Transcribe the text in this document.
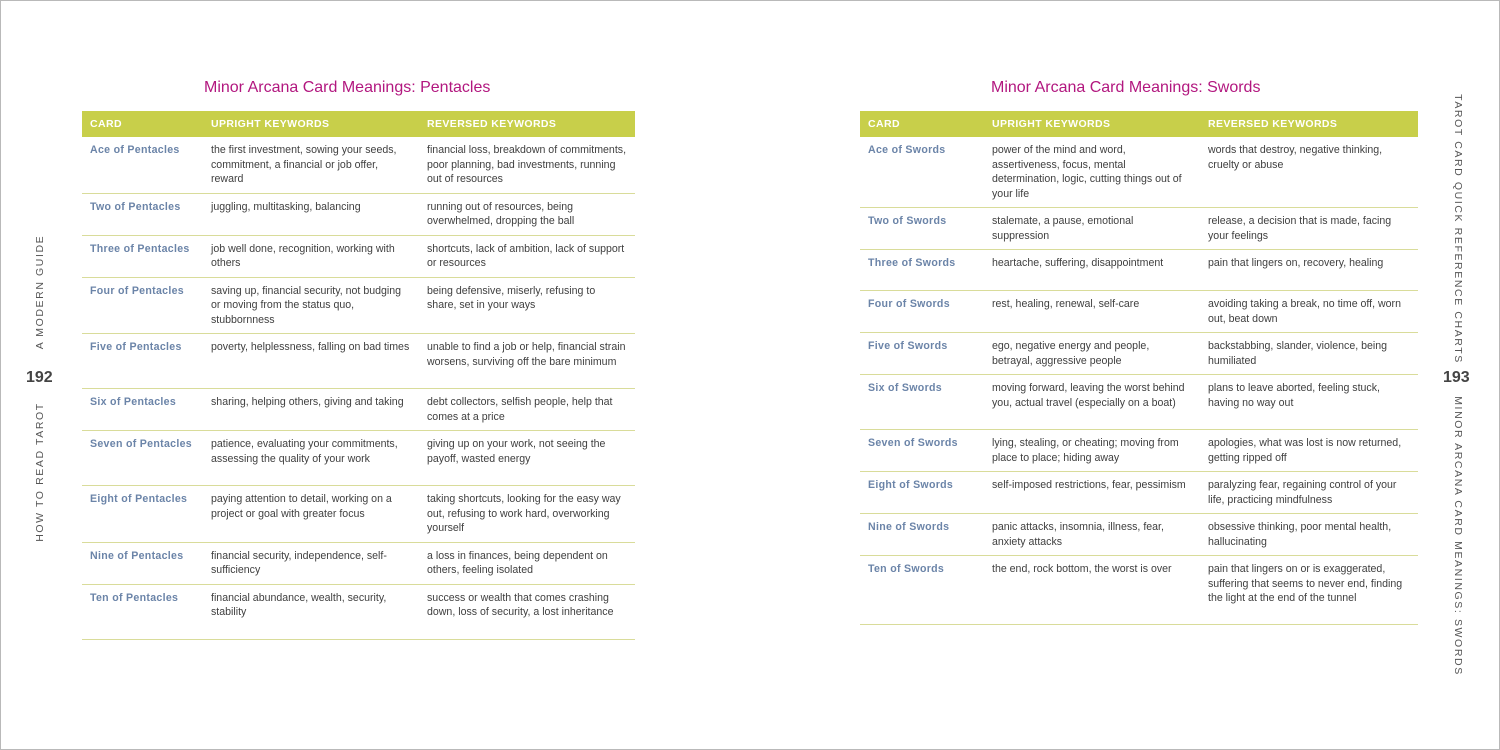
Minor Arcana Card Meanings: Pentacles
CARD	UPRIGHT KEYWORDS	REVERSED KEYWORDS
Ace of Pentacles	the first investment, sowing your seeds, commitment, a financial or job offer, reward	financial loss, breakdown of commitments, poor planning, bad investments, running out of resources
Two of Pentacles	juggling, multitasking, balancing	running out of resources, being overwhelmed, dropping the ball
Three of Pentacles	job well done, recognition, working with others	shortcuts, lack of ambition, lack of support or resources
Four of Pentacles	saving up, financial security, not budging or moving from the status quo, stubbornness	being defensive, miserly, refusing to share, set in your ways
Five of Pentacles	poverty, helplessness, falling on bad times	unable to find a job or help, financial strain worsens, surviving off the bare minimum
Six of Pentacles	sharing, helping others, giving and taking	debt collectors, selfish people, help that comes at a price
Seven of Pentacles	patience, evaluating your commitments, assessing the quality of your work	giving up on your work, not seeing the payoff, wasted energy
Eight of Pentacles	paying attention to detail, working on a project or goal with greater focus	taking shortcuts, looking for the easy way out, refusing to work hard, overworking yourself
Nine of Pentacles	financial security, independence, self-sufficiency	a loss in finances, being dependent on others, feeling isolated
Ten of Pentacles	financial abundance, wealth, security, stability	success or wealth that comes crashing down, loss of security, a lost inheritance
Minor Arcana Card Meanings: Swords
CARD	UPRIGHT KEYWORDS	REVERSED KEYWORDS
Ace of Swords	power of the mind and word, assertiveness, focus, mental determination, logic, cutting things out of your life	words that destroy, negative thinking, cruelty or abuse
Two of Swords	stalemate, a pause, emotional suppression	release, a decision that is made, facing your feelings
Three of Swords	heartache, suffering, disappointment	pain that lingers on, recovery, healing
Four of Swords	rest, healing, renewal, self-care	avoiding taking a break, no time off, worn out, beat down
Five of Swords	ego, negative energy and people, betrayal, aggressive people	backstabbing, slander, violence, being humiliated
Six of Swords	moving forward, leaving the worst behind you, actual travel (especially on a boat)	plans to leave aborted, feeling stuck, having no way out
Seven of Swords	lying, stealing, or cheating; moving from place to place; hiding away	apologies, what was lost is now returned, getting ripped off
Eight of Swords	self-imposed restrictions, fear, pessimism	paralyzing fear, regaining control of your life, practicing mindfulness
Nine of Swords	panic attacks, insomnia, illness, fear, anxiety attacks	obsessive thinking, poor mental health, hallucinating
Ten of Swords	the end, rock bottom, the worst is over	pain that lingers on or is exaggerated, suffering that seems to never end, finding the light at the end of the tunnel
HOW TO READ TAROT
A MODERN GUIDE
192
TAROT CARD QUICK REFERENCE CHARTS
MINOR ARCANA CARD MEANINGS: SWORDS
193
